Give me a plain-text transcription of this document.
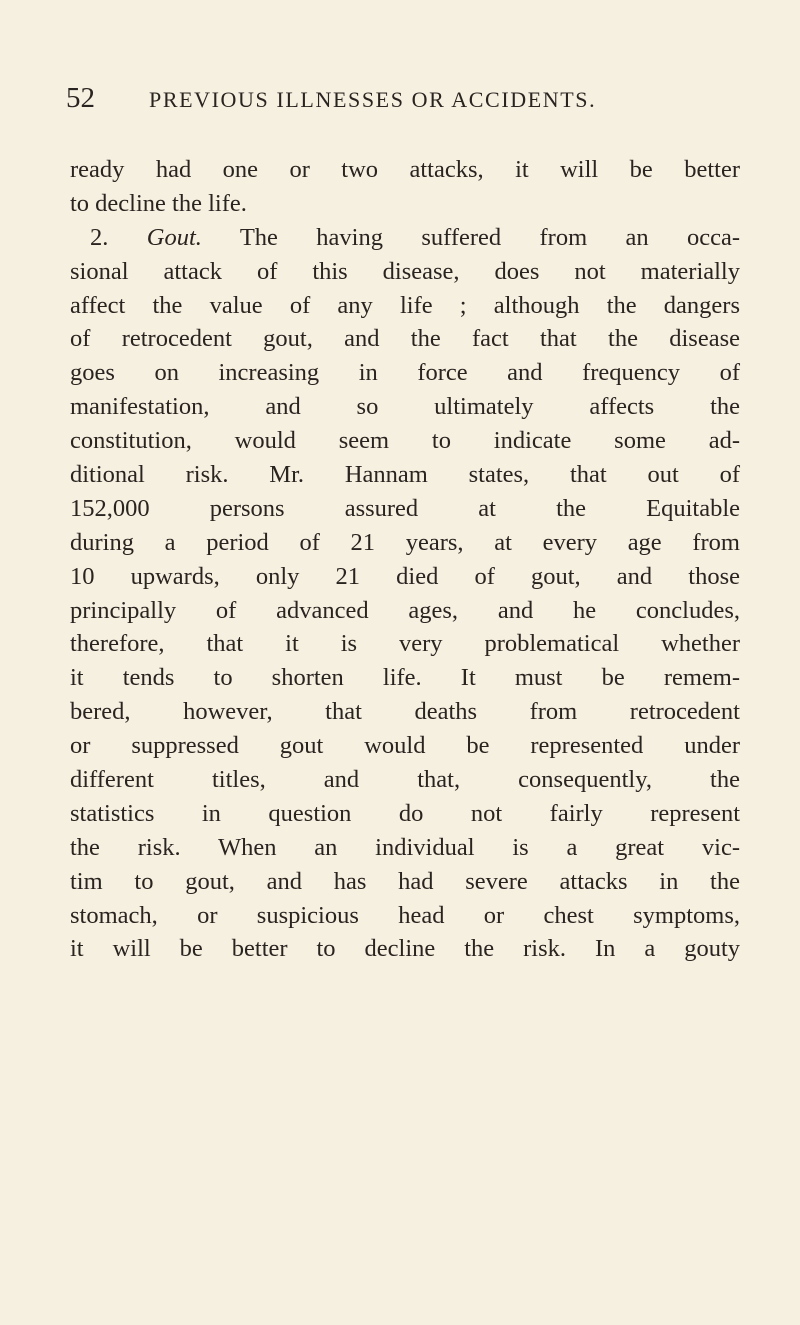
52 PREVIOUS ILLNESSES OR ACCIDENTS.
ready had one or two attacks, it will be better
to decline the life.
2. Gout. The having suffered from an occa-
sional attack of this disease, does not materially
affect the value of any life ; although the dangers
of retrocedent gout, and the fact that the disease
goes on increasing in force and frequency of
manifestation, and so ultimately affects the
constitution, would seem to indicate some ad-
ditional risk. Mr. Hannam states, that out of
152,000 persons assured at the Equitable
during a period of 21 years, at every age from
10 upwards, only 21 died of gout, and those
principally of advanced ages, and he concludes,
therefore, that it is very problematical whether
it tends to shorten life. It must be remem-
bered, however, that deaths from retrocedent
or suppressed gout would be represented under
different titles, and that, consequently, the
statistics in question do not fairly represent
the risk. When an individual is a great vic-
tim to gout, and has had severe attacks in the
stomach, or suspicious head or chest symptoms,
it will be better to decline the risk. In a gouty
